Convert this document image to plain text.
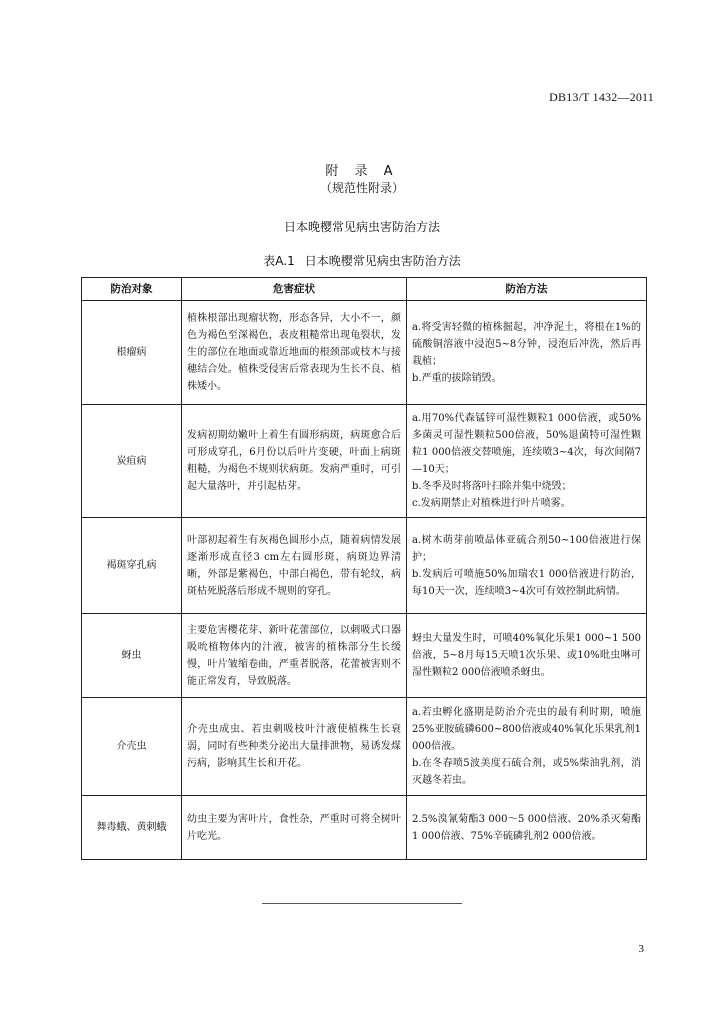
DB13/T 1432—2011
附 录 A
（规范性附录）
日本晚樱常见病虫害防治方法
表A.1 日本晚樱常见病虫害防治方法
防治对象	危害症状	防治方法
根瘤病	植株根部出现瘤状物，形态各异，大小不一，颜色为褐色至深褐色，表皮粗糙常出现龟裂状，发生的部位在地面或靠近地面的根颈部或枝木与接穗结合处。植株受侵害后常表现为生长不良、植株矮小。	a.将受害轻微的植株掘起，冲净泥土，将根在1%的硫酸铜溶液中浸泡5~8分钟，浸泡后冲洗，然后再栽植；
b.严重的拔除销毁。

炭疽病	发病初期幼嫩叶上着生有圆形病斑，病斑愈合后可形成穿孔，6月份以后叶片变硬，叶面上病斑粗糙，为褐色不规则状病斑。发病严重时，可引起大量落叶，并引起枯芽。	a.用70%代森锰锌可湿性颗粒1 000倍液，或50%多菌灵可湿性颗粒500倍液，50%退菌特可湿性颗粒1 000倍液交替喷施，连续喷3~4次，每次间隔7—10天；
b.冬季及时将落叶扫除并集中烧毁；
c.发病期禁止对植株进行叶片喷雾。

褐斑穿孔病	叶部初起着生有灰褐色圆形小点，随着病情发展逐渐形成直径3 cm左右圆形斑，病斑边界清晰，外部是紫褐色，中部白褐色，带有轮纹，病斑枯死脱落后形成不规则的穿孔。	a.树木萌芽前喷晶体亚硫合剂50~100倍液进行保护；
b.发病后可喷施50%加瑞农1 000倍液进行防治，每10天一次，连续喷3~4次可有效控制此病情。

蚜虫	主要危害樱花芽、新叶花蕾部位，以刺吸式口器吸吮植物体内的汁液，被害的植株部分生长缓慢，叶片皱缩卷曲，严重者脱落，花蕾被害则不能正常发育，导致脱落。	蚜虫大量发生时，可喷40%氧化乐果1 000~1 500倍液，5~8月每15天喷1次乐果、或10%吡虫啉可湿性颗粒2 000倍液喷杀蚜虫。

介壳虫	介壳虫成虫、若虫刺吸枝叶汁液使植株生长衰弱，同时有些种类分泌出大量排泄物，易诱发煤污病，影响其生长和开花。	a.若虫孵化盛期是防治介壳虫的最有利时期，喷施25%亚胺硫磷600~800倍液或40%氧化乐果乳剂1 000倍液。
b.在冬春喷5波美度石硫合剂，或5%柴油乳剂，消灭越冬若虫。

舞毒蛾、黄刺蛾	幼虫主要为害叶片，食性杂，严重时可将全树叶片吃光。	2.5%溴氰菊酯3 000～5 000倍液、20%杀灭菊酯1 000倍液、75%辛硫磷乳剂2 000倍液。
3
